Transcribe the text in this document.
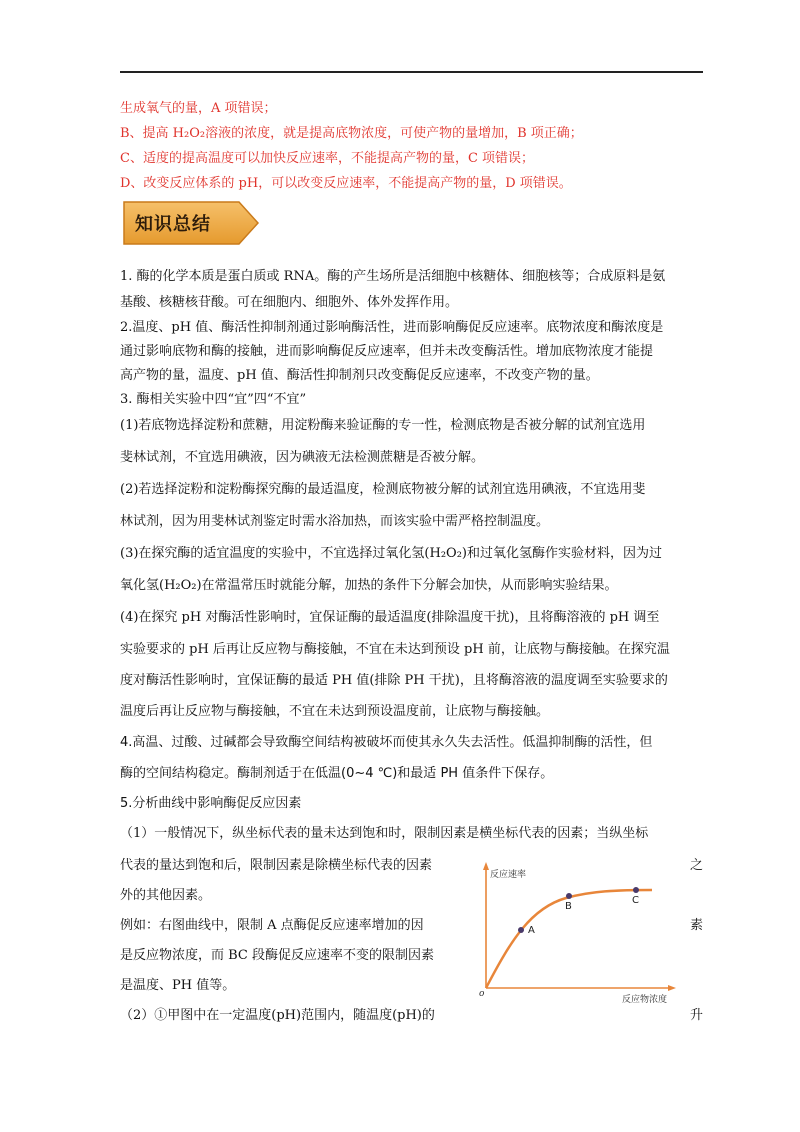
生成氧气的量，A 项错误；
B、提高 H₂O₂溶液的浓度，就是提高底物浓度，可使产物的量增加，B 项正确；
C、适度的提高温度可以加快反应速率，不能提高产物的量，C 项错误；
D、改变反应体系的 pH，可以改变反应速率，不能提高产物的量，D 项错误。
知识总结
1. 酶的化学本质是蛋白质或 RNA。酶的产生场所是活细胞中核糖体、细胞核等；合成原料是氨
基酸、核糖核苷酸。可在细胞内、细胞外、体外发挥作用。
2.温度、pH 值、酶活性抑制剂通过影响酶活性，进而影响酶促反应速率。底物浓度和酶浓度是
通过影响底物和酶的接触，进而影响酶促反应速率，但并未改变酶活性。增加底物浓度才能提
高产物的量，温度、pH 值、酶活性抑制剂只改变酶促反应速率，不改变产物的量。
3. 酶相关实验中四“宜”四“不宜”
(1)若底物选择淀粉和蔗糖，用淀粉酶来验证酶的专一性，检测底物是否被分解的试剂宜选用
斐林试剂，不宜选用碘液，因为碘液无法检测蔗糖是否被分解。
(2)若选择淀粉和淀粉酶探究酶的最适温度，检测底物被分解的试剂宜选用碘液，不宜选用斐
林试剂，因为用斐林试剂鉴定时需水浴加热，而该实验中需严格控制温度。
(3)在探究酶的适宜温度的实验中，不宜选择过氧化氢(H₂O₂)和过氧化氢酶作实验材料，因为过
氧化氢(H₂O₂)在常温常压时就能分解，加热的条件下分解会加快，从而影响实验结果。
(4)在探究 pH 对酶活性影响时，宜保证酶的最适温度(排除温度干扰)，且将酶溶液的 pH 调至
实验要求的 pH 后再让反应物与酶接触，不宜在未达到预设 pH 前，让底物与酶接触。在探究温
度对酶活性影响时，宜保证酶的最适 PH 值(排除 PH 干扰)，且将酶溶液的温度调至实验要求的
温度后再让反应物与酶接触，不宜在未达到预设温度前，让底物与酶接触。
4.高温、过酸、过碱都会导致酶空间结构被破坏而使其永久失去活性。低温抑制酶的活性，但
酶的空间结构稳定。酶制剂适于在低温(0~4 ℃)和最适 PH 值条件下保存。
5.分析曲线中影响酶促反应因素
（1）一般情况下，纵坐标代表的量未达到饱和时，限制因素是横坐标代表的因素；当纵坐标
代表的量达到饱和后，限制因素是除横坐标代表的因素
外的其他因素。
例如：右图曲线中，限制 A 点酶促反应速率增加的因
是反应物浓度，而 BC 段酶促反应速率不变的限制因素
是温度、PH 值等。
（2）①甲图中在一定温度(pH)范围内，随温度(pH)的
之
素
升
反应速率
反应物浓度
o
A
B
C
